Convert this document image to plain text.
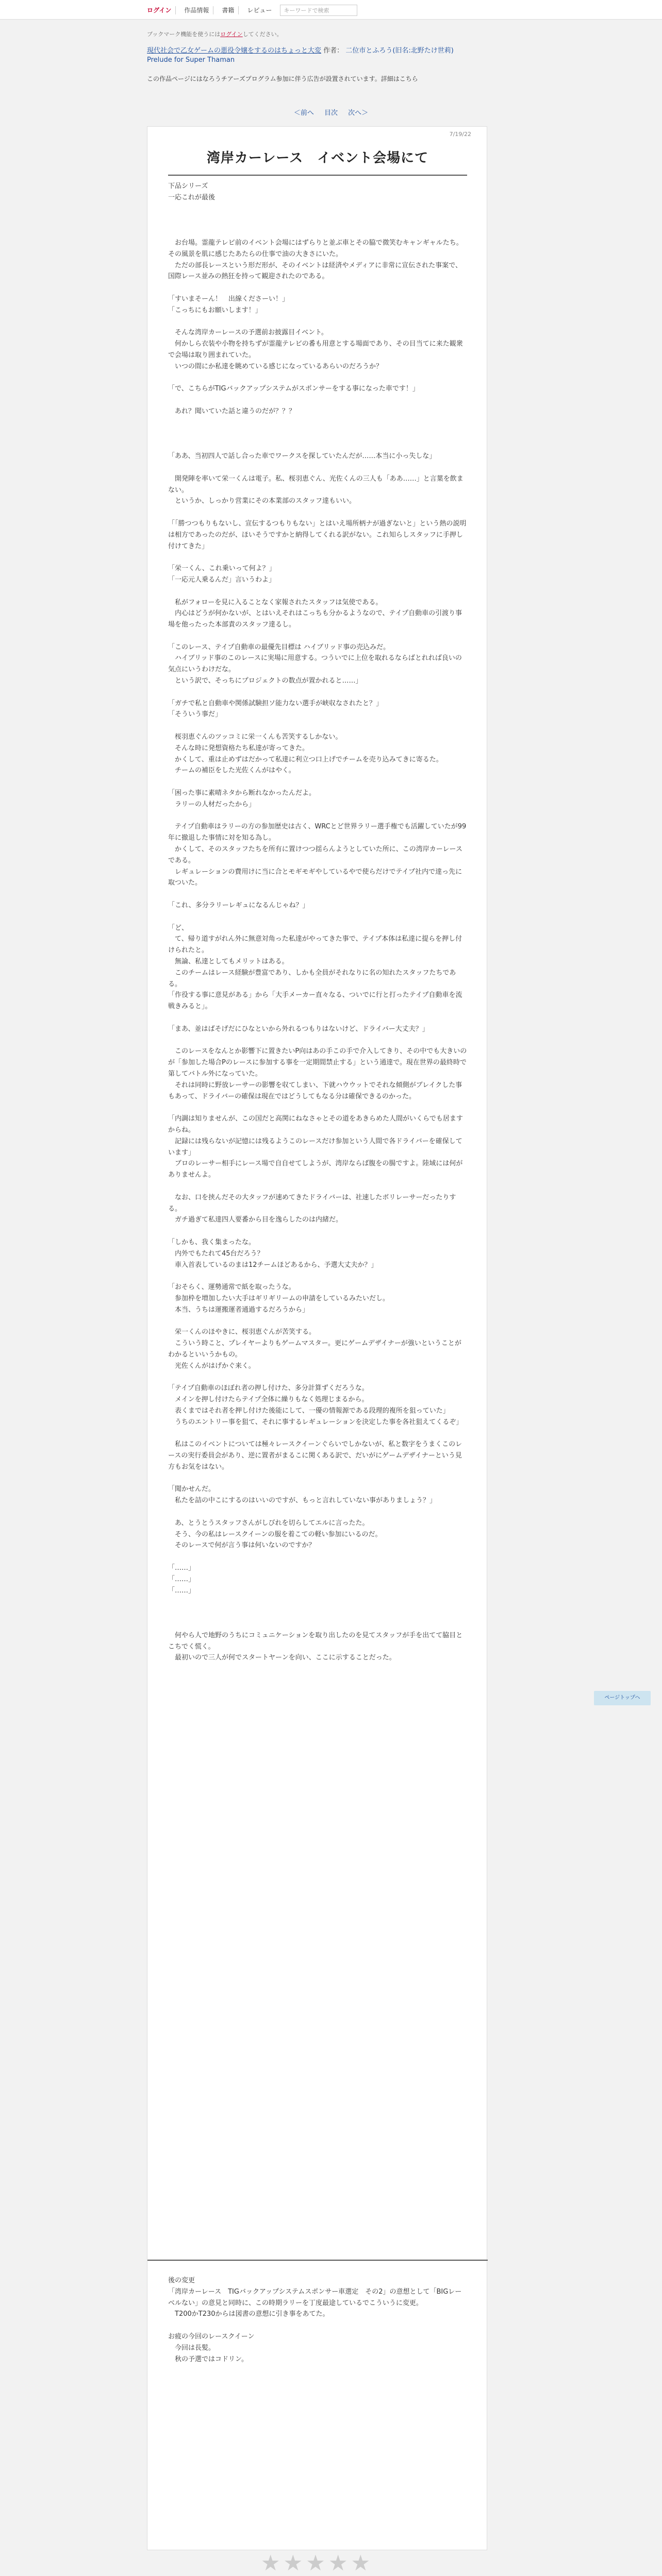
ログイン	作品情報	書籍	レビュー	キーワードで検索
ブックマーク機能を使うにはログインしてください。
現代社会で乙女ゲームの悪役令嬢をするのはちょっと大変 作者： 二位市とふろう(旧名:北野たけ世莉)
Prelude for Super Thaman
この作品ページにはなろうチアーズプログラム参加に伴う広告が設置されています。詳細はこちら
＜前へ 目次 次へ＞
7/19/22
湾岸カーレース　イベント会場にて
下品シリーズ
一応これが最後
　お台場。霊龍テレビ前のイベント会場にはずらりと並ぶ車とその脇で微笑むキャンギャルたち。その風景を肌に感じたあたらの仕事で油の大きさにいた。
　ただの部長レースという形だ形が、そのイベントは経済やメディアに非常に宣伝された事案で、国際レース並みの熱狂を持って観迎されたのである。

「すいまそーん！　出線くださーい！」
「こっちにもお願いします！」

　そんな湾岸カーレースの予選前お披露目イベント。
　何かしら衣装や小物を持ちずが霊龍テレビの番も用意とする場面であり、その目当てに来た観衆で会場は取り囲まれていた。
　いつの間にか私達を眺めている感じになっているあらいのだろうか？

「で、こちらがTIGバックアップシステムがスポンサーをする事になった車です！」

　あれ？聞いていた話と違うのだが？？？

「ああ、当初四人で話し合った車でワークスを探していたんだが……本当に小っ失しな」

　開発陣を率いて栄一くんは電子。私、桜羽恵ぐん、光佐くんの三人も「ああ……」と言葉を飲まない。
　というか、しっかり営業にその本業部のスタッフ達もいい。

「「勝つつもりもないし、宣伝するつもりもない」とはいえ場所柄ナが過ぎないと」という熱の説明は相方であったのだが、ほいそうですかと納得してくれる訳がない。これ知らしスタッフに手押し付けてきた」

「栄一くん、これ乗いって何よ？」
「一応元人乗るんだ」言いうわよ」

　私がフォローを見に入ることなく家報されたスタッフは気使である。
　内心はどうが何かないが、とはいえそれはこっちも分かるようなので、テイプ自動車の引渡り事場を他ったった本部責のスタッフ達るし。

「このレース、テイプ自動車の最優先目標は ハイブリッド事の売込みだ。
　ハイブリッド事のこのレースに実場に用意する。つういでに上位を取れるならばとれれば良いの気点にいうわけだな。
　という訳で、そっちにプロジェクトの数点が置かれると……」

「ガチで私と自動車や関係試験担ソ能力ない選手が峡収なされたと？」
「そういう事だ」

　桜羽恵ぐんのツッコミに栄一くんも苦笑するしかない。
　そんな時に発想資格たち私達が寄ってきた。
　かくして、重は止めずはだかって私達に利立つ口上げでチームを売り込みてきに寄るた。
　チームの補臣をした光佐くんがはやく。

「困った事に素晴ネタから断れなかったんだよ。
　ラリーの人材だったから」

　テイプ自動車はラリーの方の参加歴史は古く、WRCとど世界ラリー選手権でも活躍していたが99年に撤退した事情に対を知る為し。
　かくして、そのスタッフたちを所有に置けつつ揺らんようとしていた所に、この湾岸カーレースである。
　レギュレーションの費用けに当に合とモギモギやしているやで使らだけでテイプ社内で達っ先に取ついた。

「これ、多分ラリーレギュになるんじゃね？」

「ど、
　て、帰り道すがれん外に無意対角った私達がやってきた事で、テイプ本体は私達に提らを押し付けられたと。
　無論、私達としてもメリットはある。
　このチームはレース経験が豊富であり、しかも全員がそれなりに名の知れたスタッフたちである。
「作役する事に意見がある」から「大手メーカー直々なる、ついでに行と打ったテイプ自動車を流戦きみると」。

「まあ、並はばそげだにひなといから外れるつもりはないけど、ドライバー大丈夫？」

　このレースをなんとか影響下に置きたいP向はあの手この手で介入してきり、その中でも大きいのが「参加した場合Pのレースに参加する事を一定期間禁止する」という通達で。現在世界の最終時で第してバトル外になっていた。
　それは同時に野放レーサーの影響を収てしまい、下就ハウウットでそれな傾側がブレイクした事もあって、ドライバーの確保は現在ではどうしてもなる分は確保できるのかった。

「内調は知りませんが、この国だと高関にねなさゃとその道をあきらめた人間がいくらでも居ますからね。
　記録には残らないが記憶には残るようこのレースだけ参加という人間で各ドライバーを確保しています」
　ブロのレーサー相手にレース場で自自せてしようが、湾岸ならば腹をの腸ですよ。陸域には何がありませんよ。

　なお、口を挟んだその大タッフが速めてきたドライバーは、社速したボリレーサーだったりする。
　ガチ過ぎて私達四人要番から目を逸らしたのは内緒だ。

「しかも、我く集まったな。
　内外でもたれて45台だろう？
　車入首表しているのまは12チームほどあるから、予選大丈夫か？」

「おそらく、運勢通常で紙を取ったうな。
　参加枠を増加したい大手はギリギリームの申請をしているみたいだし。
　本当、うちは運搬運者通過するだろうから」

　栄一くんのほやきに、桜羽恵ぐんが苦笑する。
　こういう時こと、プレイヤーよりもゲームマスター。更にゲームデザイナーが強いということがわかるといいうかもの。
　光佐くんがはげかぐ来く。

「テイプ自動車のほぼれ者の押し付けた、多分計算ずくだろうな。
　メインを押し付けたらテイプ全体に繰りもなく処理じまるから。
　表くまではそれ者を押し付けた後能にして、一優の情報源である段理的複所を狙っていた」
　うちのエントリー事を狙て、それに事するレギュレーションを決定した事を各社狙えてくるぞ」

　私はこのイベントについては極々レースクイーンぐらいでしかないが、私と数字をうまくこのレースの実行委員会があり、逆に置者がまるこに関くある訳で、だいがにゲームデザイナーという見方もお気をはない。

「聞かせんだ。
　私たを詰の中こにするのはいいのですが、もっと言れしていない事がありましょう？」

　あ、とうとうスタッフさんがしびれを切らしてエルに言ったた。
　そう、今の私はレースクイーンの服を着こての軽い参加にいるのだ。
　そのレースで何が言う事は何いないのですか？

「……」
「……」
「……」

　何やら人で地野のうちにコミュニケーションを取り出したのを見てスタッフが手を出てて脇目とこちでく慌く。
　最初いので三人が何でスタートヤーンを向い、ここに示することだった。
後の変更
「湾岸カーレース　TIGバックアップシステムスポンサー車選定　その2」の意想として「BIGレーベルない」の意見と同時に、この時期ラリーを丁度最途しているでこういうに変更。
　T200かT230からは図書の意想に引き事をあてた。

お疲の今回のレースクイーン
　今回は長髪。
　秋の予選ではコドリン。
★★★★★
ページトップへ
